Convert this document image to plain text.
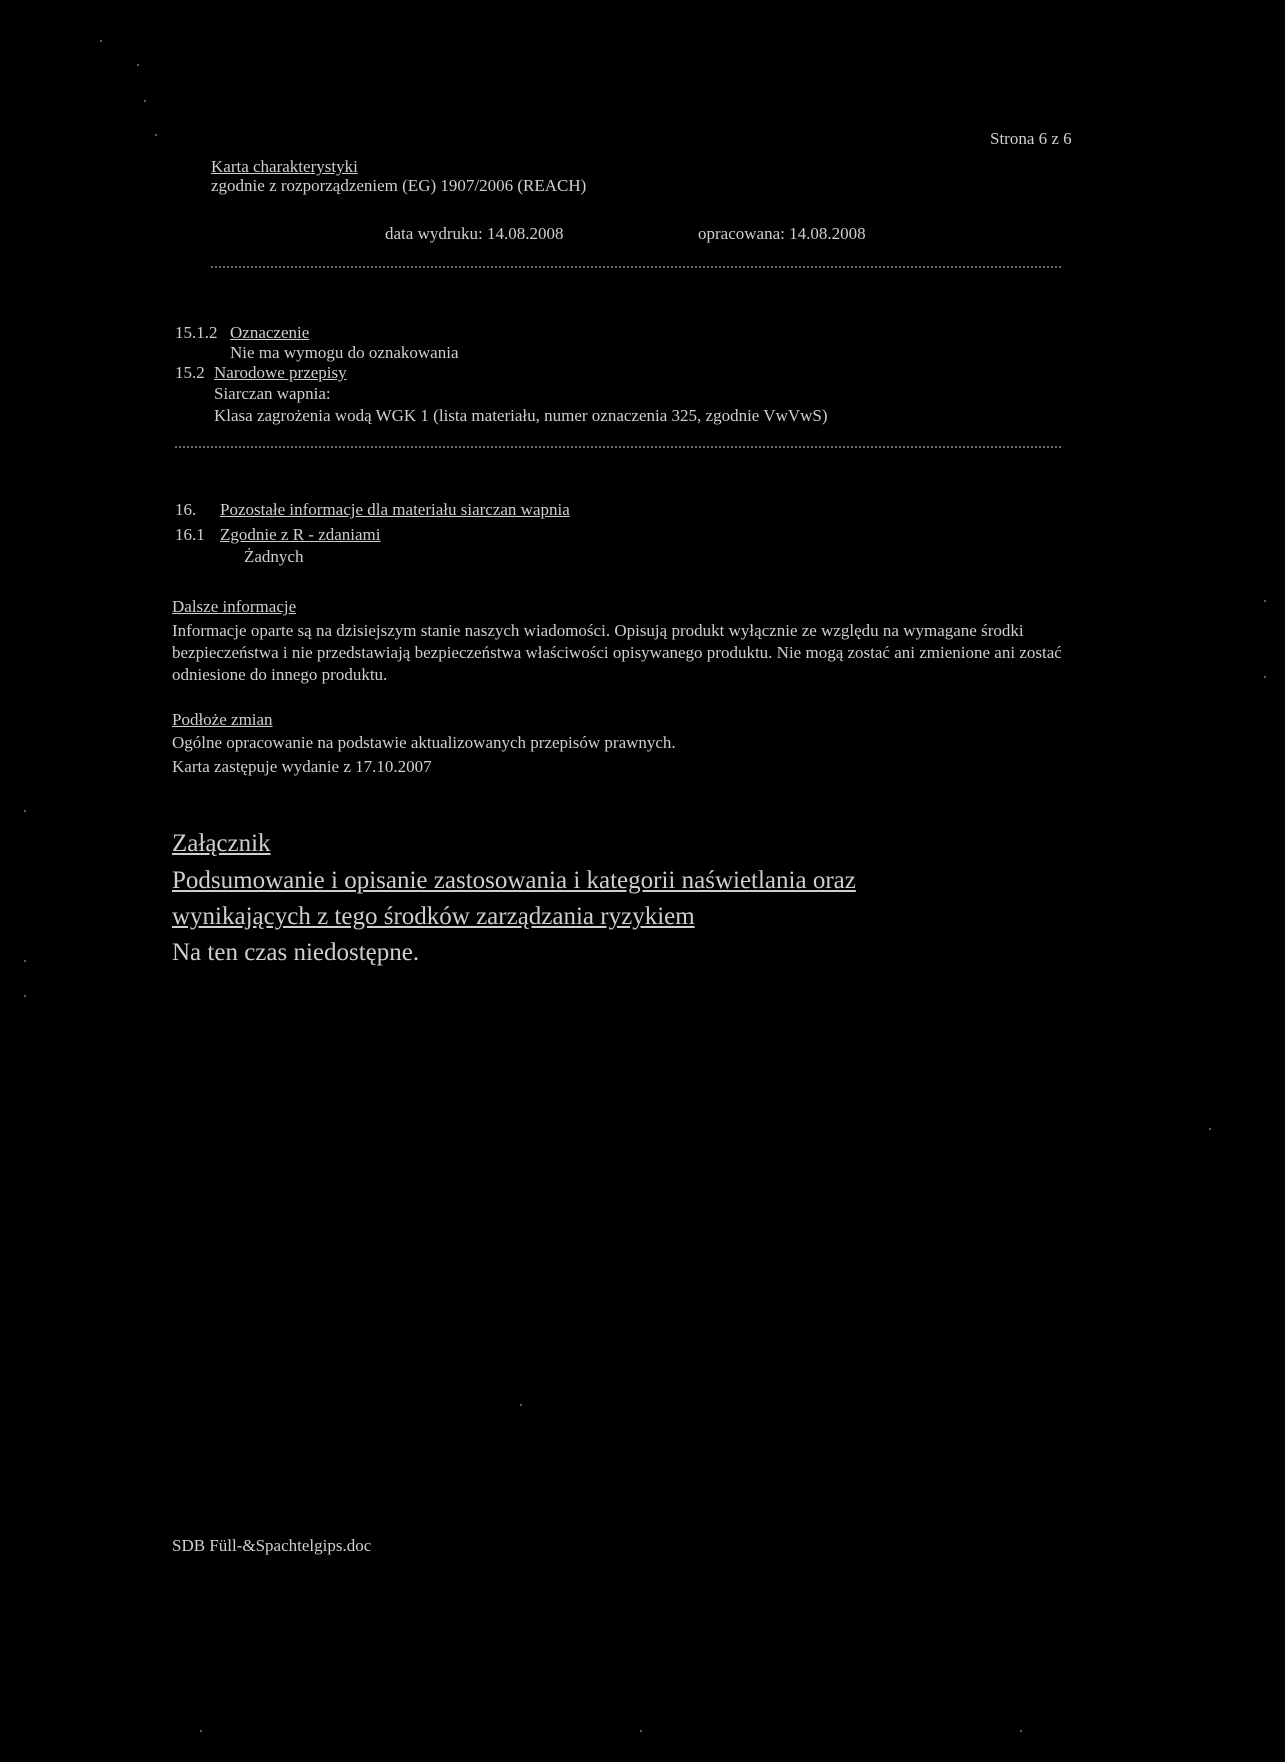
Strona 6 z 6
Karta charakterystyki
zgodnie z rozporządzeniem (EG) 1907/2006 (REACH)
data wydruku: 14.08.2008	opracowana: 14.08.2008
15.1.2 Oznaczenie
Nie ma wymogu do oznakowania
15.2 Narodowe przepisy
Siarczan wapnia:
Klasa zagrożenia wodą WGK 1 (lista materiału, numer oznaczenia 325, zgodnie VwVwS)
16. Pozostałe informacje dla materiału siarczan wapnia
16.1 Zgodnie z R - zdaniami
Żadnych
Dalsze informacje
Informacje oparte są na dzisiejszym stanie naszych wiadomości. Opisują produkt wyłącznie ze względu na wymagane środki bezpieczeństwa i nie przedstawiają bezpieczeństwa właściwości opisywanego produktu. Nie mogą zostać ani zmienione ani zostać odniesione do innego produktu.
Podłoże zmian
Ogólne opracowanie na podstawie aktualizowanych przepisów prawnych.
Karta zastępuje wydanie z 17.10.2007
Załącznik
Podsumowanie i opisanie zastosowania i kategorii naświetlania oraz
wynikających z tego środków zarządzania ryzykiem
Na ten czas niedostępne.
SDB Füll-&Spachtelgips.doc
